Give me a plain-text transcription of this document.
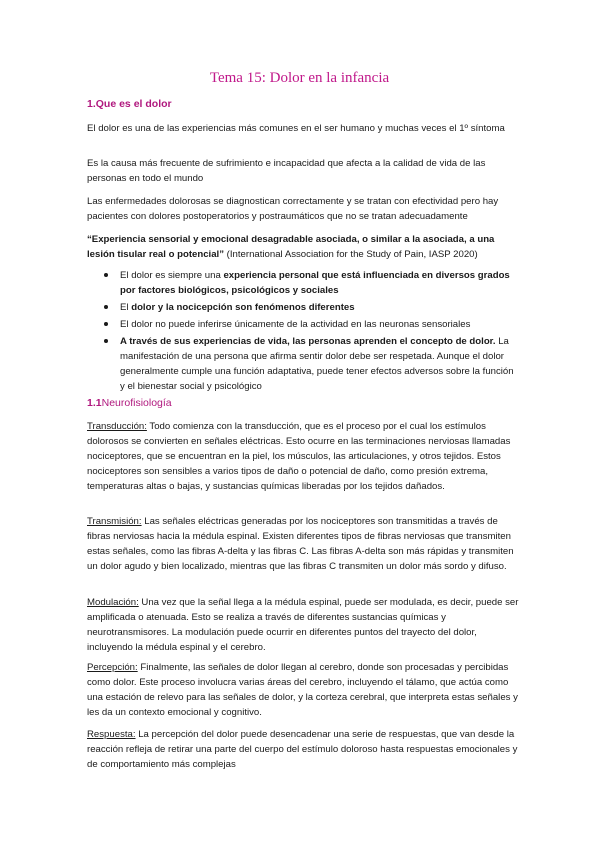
Tema 15: Dolor en la infancia
1.Que es el dolor

El dolor es una de las experiencias más comunes en el ser humano y muchas veces el 1º síntoma

Es la causa más frecuente de sufrimiento e incapacidad que afecta a la calidad de vida de las personas en todo el mundo

Las enfermedades dolorosas se diagnostican correctamente y se tratan con efectividad pero hay pacientes con dolores postoperatorios y postraumáticos que no se tratan adecuadamente

“Experiencia sensorial y emocional desagradable asociada, o similar a la asociada, a una lesión tisular real o potencial” (International Association for the Study of Pain, IASP 2020)

El dolor es siempre una experiencia personal que está influenciada en diversos grados por factores biológicos, psicológicos y sociales
El dolor y la nocicepción son fenómenos diferentes
El dolor no puede inferirse únicamente de la actividad en las neuronas sensoriales
A través de sus experiencias de vida, las personas aprenden el concepto de dolor. La manifestación de una persona que afirma sentir dolor debe ser respetada. Aunque el dolor generalmente cumple una función adaptativa, puede tener efectos adversos sobre la función y el bienestar social y psicológico
1.1Neurofisiología

Transducción: Todo comienza con la transducción, que es el proceso por el cual los estímulos dolorosos se convierten en señales eléctricas. Esto ocurre en las terminaciones nerviosas llamadas nociceptores, que se encuentran en la piel, los músculos, las articulaciones, y otros tejidos. Estos nociceptores son sensibles a varios tipos de daño o potencial de daño, como presión extrema, temperaturas altas o bajas, y sustancias químicas liberadas por los tejidos dañados.

Transmisión: Las señales eléctricas generadas por los nociceptores son transmitidas a través de fibras nerviosas hacia la médula espinal. Existen diferentes tipos de fibras nerviosas que transmiten estas señales, como las fibras A-delta y las fibras C. Las fibras A-delta son más rápidas y transmiten un dolor agudo y bien localizado, mientras que las fibras C transmiten un dolor más sordo y difuso.

Modulación: Una vez que la señal llega a la médula espinal, puede ser modulada, es decir, puede ser amplificada o atenuada. Esto se realiza a través de diferentes sustancias químicas y neurotransmisores. La modulación puede ocurrir en diferentes puntos del trayecto del dolor, incluyendo la médula espinal y el cerebro.

Percepción: Finalmente, las señales de dolor llegan al cerebro, donde son procesadas y percibidas como dolor. Este proceso involucra varias áreas del cerebro, incluyendo el tálamo, que actúa como una estación de relevo para las señales de dolor, y la corteza cerebral, que interpreta estas señales y les da un contexto emocional y cognitivo.

Respuesta: La percepción del dolor puede desencadenar una serie de respuestas, que van desde la reacción refleja de retirar una parte del cuerpo del estímulo doloroso hasta respuestas emocionales y de comportamiento más complejas
